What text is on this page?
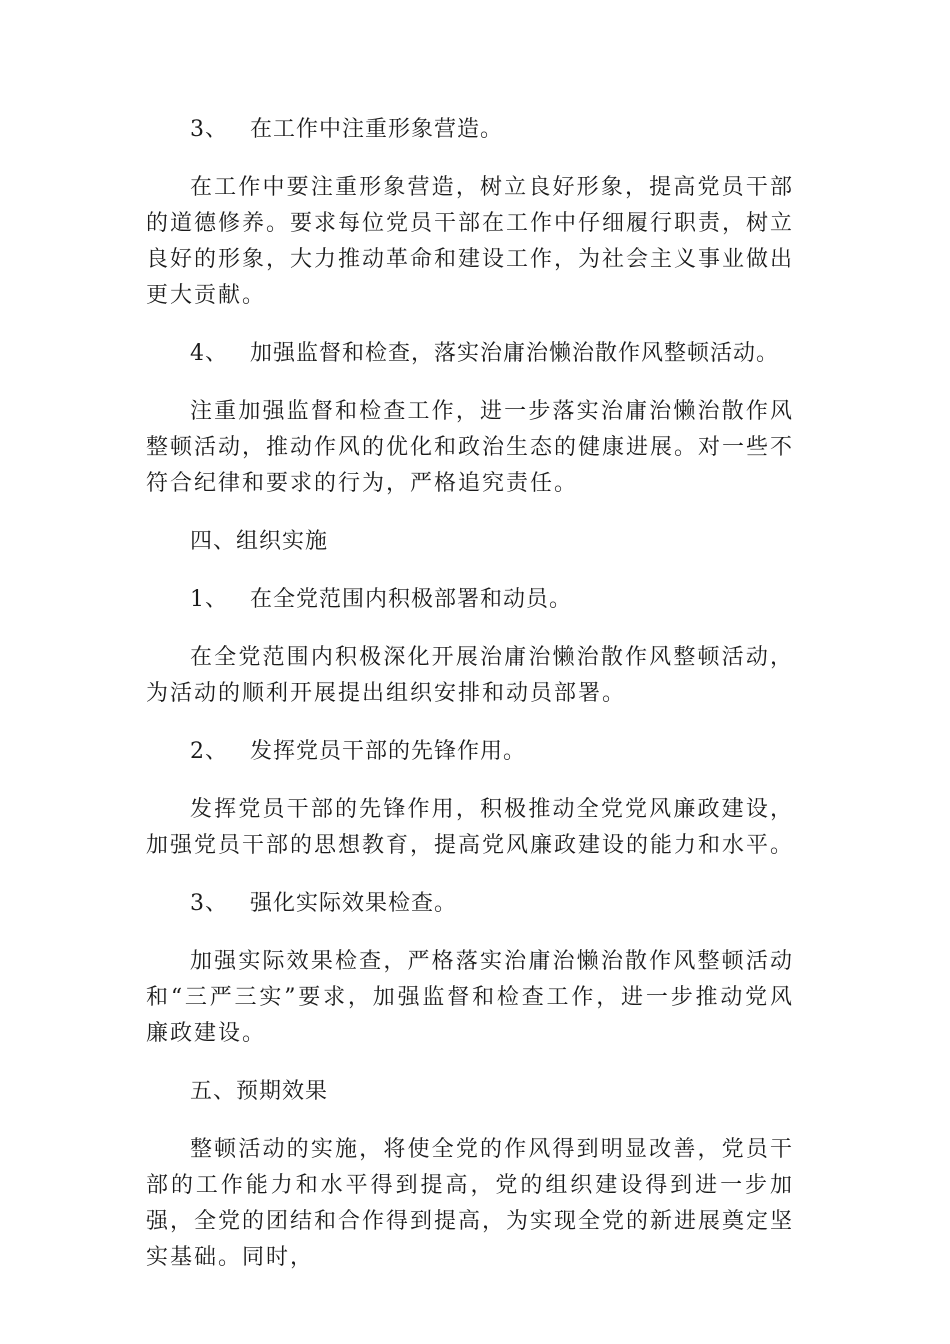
3、 在工作中注重形象营造。

在工作中要注重形象营造，树立良好形象，提高党员干部的道德修养。要求每位党员干部在工作中仔细履行职责，树立良好的形象，大力推动革命和建设工作，为社会主义事业做出更大贡献。

4、 加强监督和检查，落实治庸治懒治散作风整顿活动。

注重加强监督和检查工作，进一步落实治庸治懒治散作风整顿活动，推动作风的优化和政治生态的健康进展。对一些不符合纪律和要求的行为，严格追究责任。

四、组织实施

1、 在全党范围内积极部署和动员。

在全党范围内积极深化开展治庸治懒治散作风整顿活动，为活动的顺利开展提出组织安排和动员部署。

2、 发挥党员干部的先锋作用。

发挥党员干部的先锋作用，积极推动全党党风廉政建设，加强党员干部的思想教育，提高党风廉政建设的能力和水平。

3、 强化实际效果检查。

加强实际效果检查，严格落实治庸治懒治散作风整顿活动和“三严三实”要求，加强监督和检查工作，进一步推动党风廉政建设。

五、预期效果

整顿活动的实施，将使全党的作风得到明显改善，党员干部的工作能力和水平得到提高，党的组织建设得到进一步加强，全党的团结和合作得到提高，为实现全党的新进展奠定坚实基础。同时，
